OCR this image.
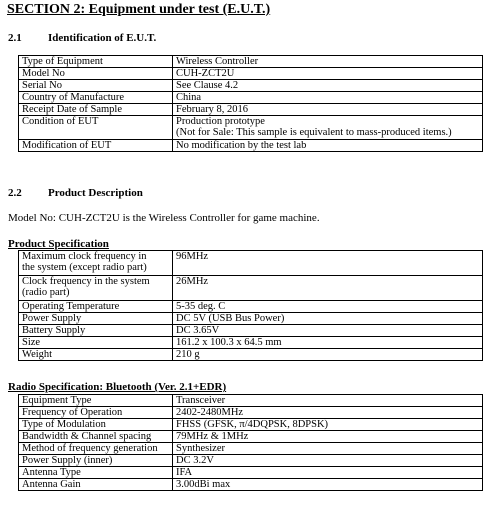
SECTION 2: Equipment under test (E.U.T.)
2.1 Identification of E.U.T.
Type of Equipment	Wireless Controller
Model No	CUH-ZCT2U
Serial No	See Clause 4.2
Country of Manufacture	China
Receipt Date of Sample	February 8, 2016
Condition of EUT	Production prototype
(Not for Sale: This sample is equivalent to mass-produced items.)

Modification of EUT	No modification by the test lab
2.2 Product Description
Model No: CUH-ZCT2U is the Wireless Controller for game machine.
Product Specification
Maximum clock frequency in
the system (except radio part)	96MHz

Clock frequency in the system
(radio part)	26MHz
Operating Temperature	5-35 deg. C
Power Supply	DC 5V (USB Bus Power)
Battery Supply	DC 3.65V
Size	161.2 x 100.3 x 64.5 mm
Weight	210 g
Radio Specification: Bluetooth (Ver. 2.1+EDR)
Equipment Type	Transceiver
Frequency of Operation	2402-2480MHz
Type of Modulation	FHSS (GFSK, π/4DQPSK, 8DPSK)
Bandwidth & Channel spacing	79MHz & 1MHz
Method of frequency generation	Synthesizer
Power Supply (inner)	DC 3.2V
Antenna Type	IFA
Antenna Gain	3.00dBi max
